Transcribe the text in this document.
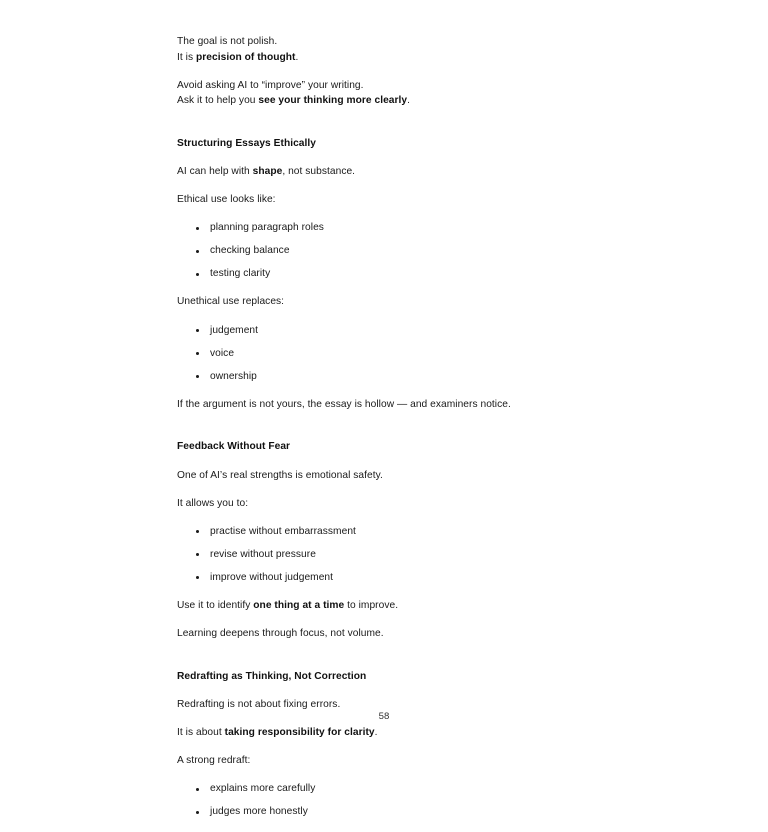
The goal is not polish.

It is precision of thought.

Avoid asking AI to “improve” your writing.

Ask it to help you see your thinking more clearly.

Structuring Essays Ethically

AI can help with shape, not substance.

Ethical use looks like:

planning paragraph roles
checking balance
testing clarity

Unethical use replaces:

judgement
voice
ownership

If the argument is not yours, the essay is hollow — and examiners notice.

Feedback Without Fear

One of AI’s real strengths is emotional safety.

It allows you to:

practise without embarrassment
revise without pressure
improve without judgement

Use it to identify one thing at a time to improve.

Learning deepens through focus, not volume.

Redrafting as Thinking, Not Correction

Redrafting is not about fixing errors.

It is about taking responsibility for clarity.

A strong redraft:

explains more carefully
judges more honestly
58
